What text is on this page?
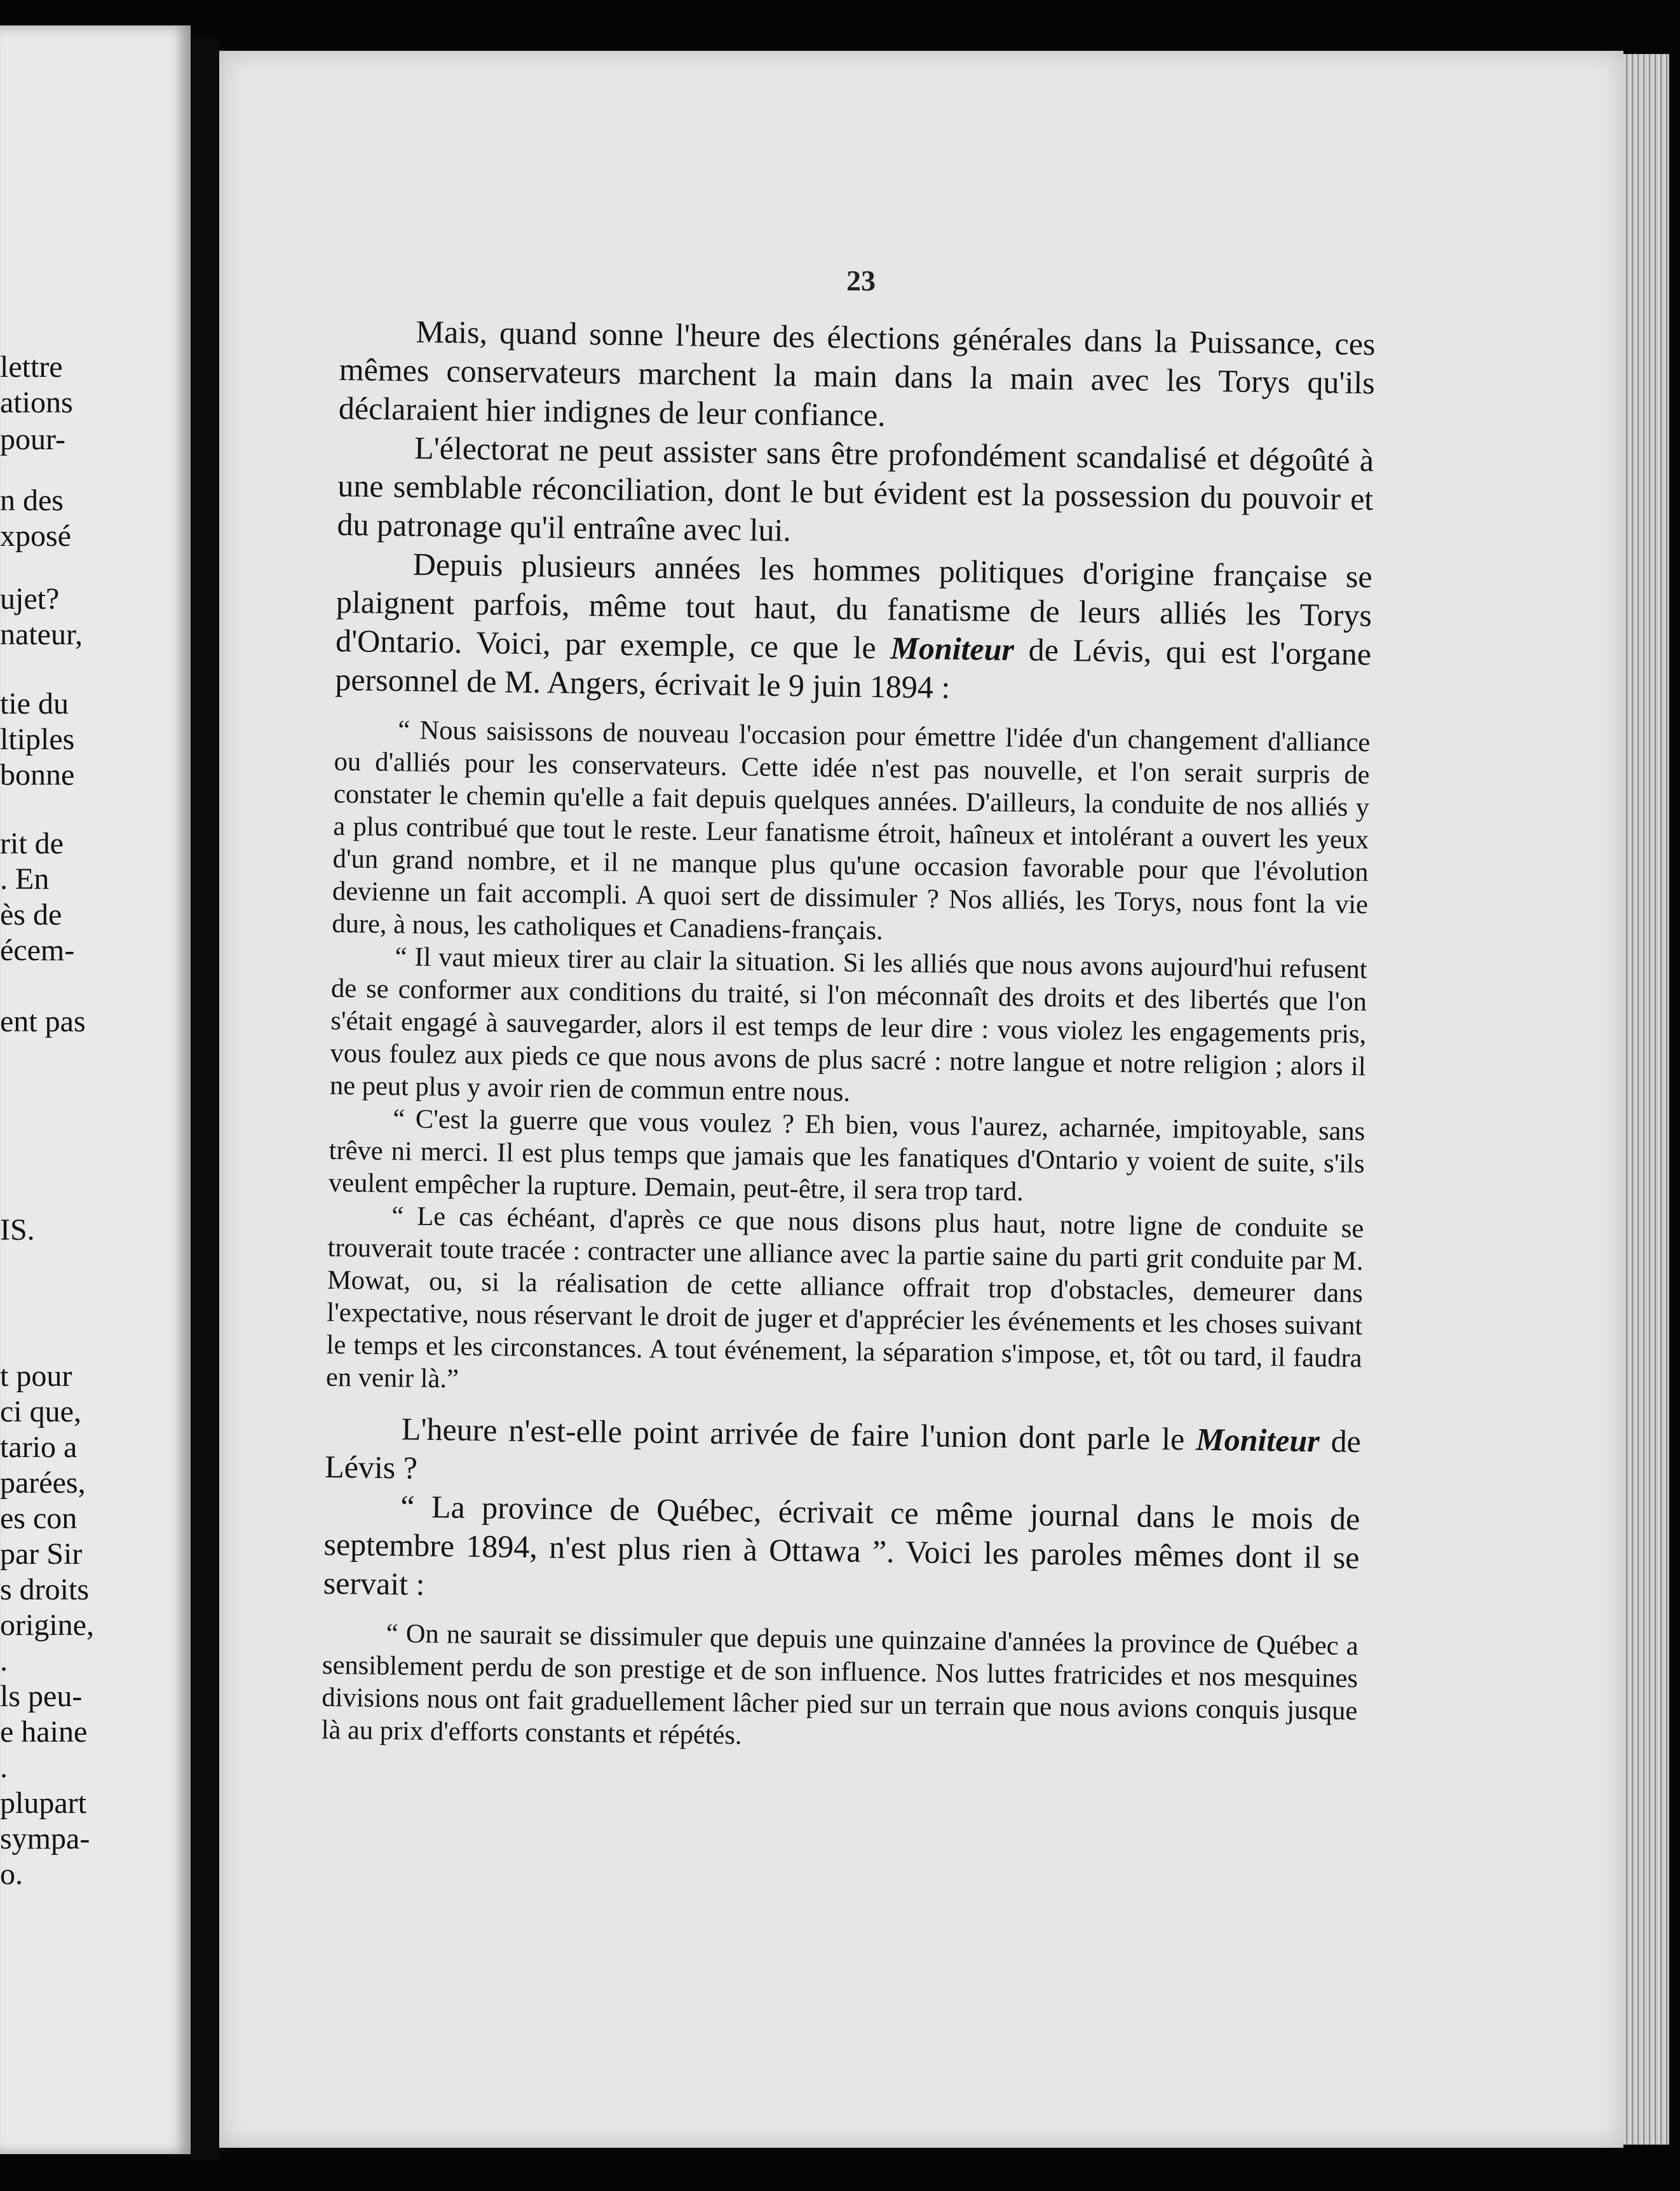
lettre
ations
pour-
n des
xposé
ujet?
nateur,
tie du
ltiples
bonne
rit de
. En
ès de
écem-
ent pas
IS.
t pour
ci que,
tario a
parées,
es con
par Sir
s droits
origine,
.
ls peu-
e haine
.
plupart
sympa-
o.
23

Mais, quand sonne l'heure des élections générales dans la Puissance, ces mêmes conservateurs marchent la main dans la main avec les Torys qu'ils déclaraient hier indignes de leur confiance.

L'électorat ne peut assister sans être profondément scandalisé et dégoûté à une semblable réconciliation, dont le but évident est la possession du pouvoir et du patronage qu'il entraîne avec lui.

Depuis plusieurs années les hommes politiques d'origine française se plaignent parfois, même tout haut, du fanatisme de leurs alliés les Torys d'Ontario. Voici, par exemple, ce que le Moniteur de Lévis, qui est l'organe personnel de M. Angers, écrivait le 9 juin 1894 :

“ Nous saisissons de nouveau l'occasion pour émettre l'idée d'un changement d'alliance ou d'alliés pour les conservateurs. Cette idée n'est pas nouvelle, et l'on serait surpris de constater le chemin qu'elle a fait depuis quelques années. D'ailleurs, la conduite de nos alliés y a plus contribué que tout le reste. Leur fanatisme étroit, haîneux et intolérant a ouvert les yeux d'un grand nombre, et il ne manque plus qu'une occasion favorable pour que l'évolution devienne un fait accompli. A quoi sert de dissimuler ? Nos alliés, les Torys, nous font la vie dure, à nous, les catholiques et Canadiens-français.

“ Il vaut mieux tirer au clair la situation. Si les alliés que nous avons aujourd'hui refusent de se conformer aux conditions du traité, si l'on méconnaît des droits et des libertés que l'on s'était engagé à sauvegarder, alors il est temps de leur dire : vous violez les engagements pris, vous foulez aux pieds ce que nous avons de plus sacré : notre langue et notre religion ; alors il ne peut plus y avoir rien de commun entre nous.

“ C'est la guerre que vous voulez ? Eh bien, vous l'aurez, acharnée, impitoyable, sans trêve ni merci. Il est plus temps que jamais que les fanatiques d'Ontario y voient de suite, s'ils veulent empêcher la rupture. Demain, peut-être, il sera trop tard.

“ Le cas échéant, d'après ce que nous disons plus haut, notre ligne de conduite se trouverait toute tracée : contracter une alliance avec la partie saine du parti grit conduite par M. Mowat, ou, si la réalisation de cette alliance offrait trop d'obstacles, demeurer dans l'expectative, nous réservant le droit de juger et d'apprécier les événements et les choses suivant le temps et les circonstances. A tout événement, la séparation s'impose, et, tôt ou tard, il faudra en venir là.”

L'heure n'est-elle point arrivée de faire l'union dont parle le Moniteur de Lévis ?

“ La province de Québec, écrivait ce même journal dans le mois de septembre 1894, n'est plus rien à Ottawa ”. Voici les paroles mêmes dont il se servait :

“ On ne saurait se dissimuler que depuis une quinzaine d'années la province de Québec a sensiblement perdu de son prestige et de son influence. Nos luttes fratricides et nos mesquines divisions nous ont fait graduellement lâcher pied sur un terrain que nous avions conquis jusque là au prix d'efforts constants et répétés.
